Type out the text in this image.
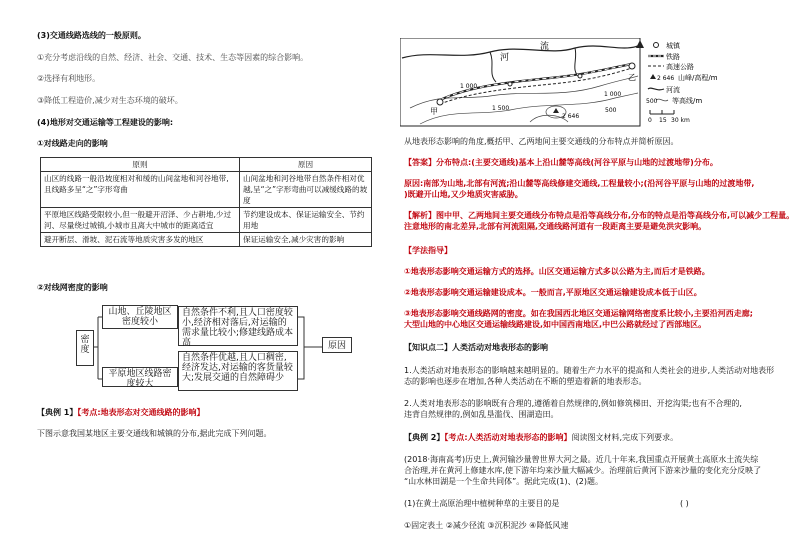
(3)交通线路选线的一般原则。
①充分考虑沿线的自然、经济、社会、交通、技术、生态等因素的综合影响。
②选择有利地形。
③降低工程造价,减少对生态环境的破坏。
(4)地形对交通运输等工程建设的影响:
①对线路走向的影响
原则	原因
山区的线路一般沿坡度相对和缓的山间盆地和河谷地带,且线路多呈“之”字形弯曲	山间盆地和河谷地带自然条件相对优越,呈“之”字形弯曲可以减缓线路的坡度
平原地区线路受限较小,但一般避开沼泽、少占耕地,少过河、尽量绕过城镇,小城市且离大中城市的距离适宜	节约建设成本、保证运输安全、节约用地
避开断层、滑坡、泥石流等地质灾害多发的地区	保证运输安全,减少灾害的影响
②对线网密度的影响
密度
山地、丘陵地区密度较小
自然条件不利,且人口密度较小,经济相对落后,对运输的需求量比较小;修建线路成本高
平原地区线路密度较大
自然条件优越,且人口稠密,经济发达,对运输的客货量较大;发展交通的自然障碍少
原因
【典例 1】【考点:地表形态对交通线路的影响】
下图示意我国某地区主要交通线和城镇的分布,据此完成下列问题。
河
流
甲
乙
1 000
1 000
1 500	500
2 646
城镇
铁路
高速公路
2 646 山峰/高程/m
河流
500 等高线/m
0 15 30 km
从地表形态影响的角度,概括甲、乙两地间主要交通线的分布特点并简析原因。
【答案】分布特点:(主要交通线)基本上沿山麓等高线(河谷平原与山地的过渡地带)分布。
原因:南部为山地,北部有河流;沿山麓等高线修建交通线,工程量较小;(沿河谷平原与山地的过渡地带,
)既避开山地,又少地质灾害威胁。
【解析】图中甲、乙两地间主要交通线分布特点是沿等高线分布,分布的特点是沿等高线分布,可以减少工程量。
注意地形的南北差异,北部有河流阻隔,交通线路河道有一段距离主要是避免洪灾影响。
【学法指导】
①地表形态影响交通运输方式的选择。山区交通运输方式多以公路为主,而后才是铁路。
②地表形态影响交通运输建设成本。一般而言,平原地区交通运输建设成本低于山区。
③地表形态影响交通线路网的密度。如在我国西北地区交通运输网络密度系比较小,主要沿河西走廊;
大型山地的中心地区交通运输线路建设,如中国西南地区,中巴公路就经过了西部地区。
【知识点二】人类活动对地表形态的影响
1.人类活动对地表形态的影响越来越明显的。随着生产力水平的提高和人类社会的进步,人类活动对地表形
态的影响也逐步在增加,各种人类活动在不断的塑造着新的地表形态。
2.人类对地表形态的影响既有合理的,遵循着自然规律的,例如修筑梯田、开挖沟渠;也有不合理的,
违背自然规律的,例如乱垦滥伐、围湖造田。
【典例 2】【考点:人类活动对地表形态的影响】阅读图文材料,完成下列要求。
(2018·海南高考)历史上,黄河输沙量曾世界大河之最。近几十年来,我国重点开展黄土高原水土流失综
合治理,并在黄河上修建水库,使下游年均来沙量大幅减少。治理前后黄河下游来沙量的变化充分反映了
“山水林田湖是一个生命共同体”。据此完成(1)、(2)题。
(1)在黄土高原治理中植树种草的主要目的是	( )
①固定表土 ②减少径流 ③沉积泥沙 ④降低风速
